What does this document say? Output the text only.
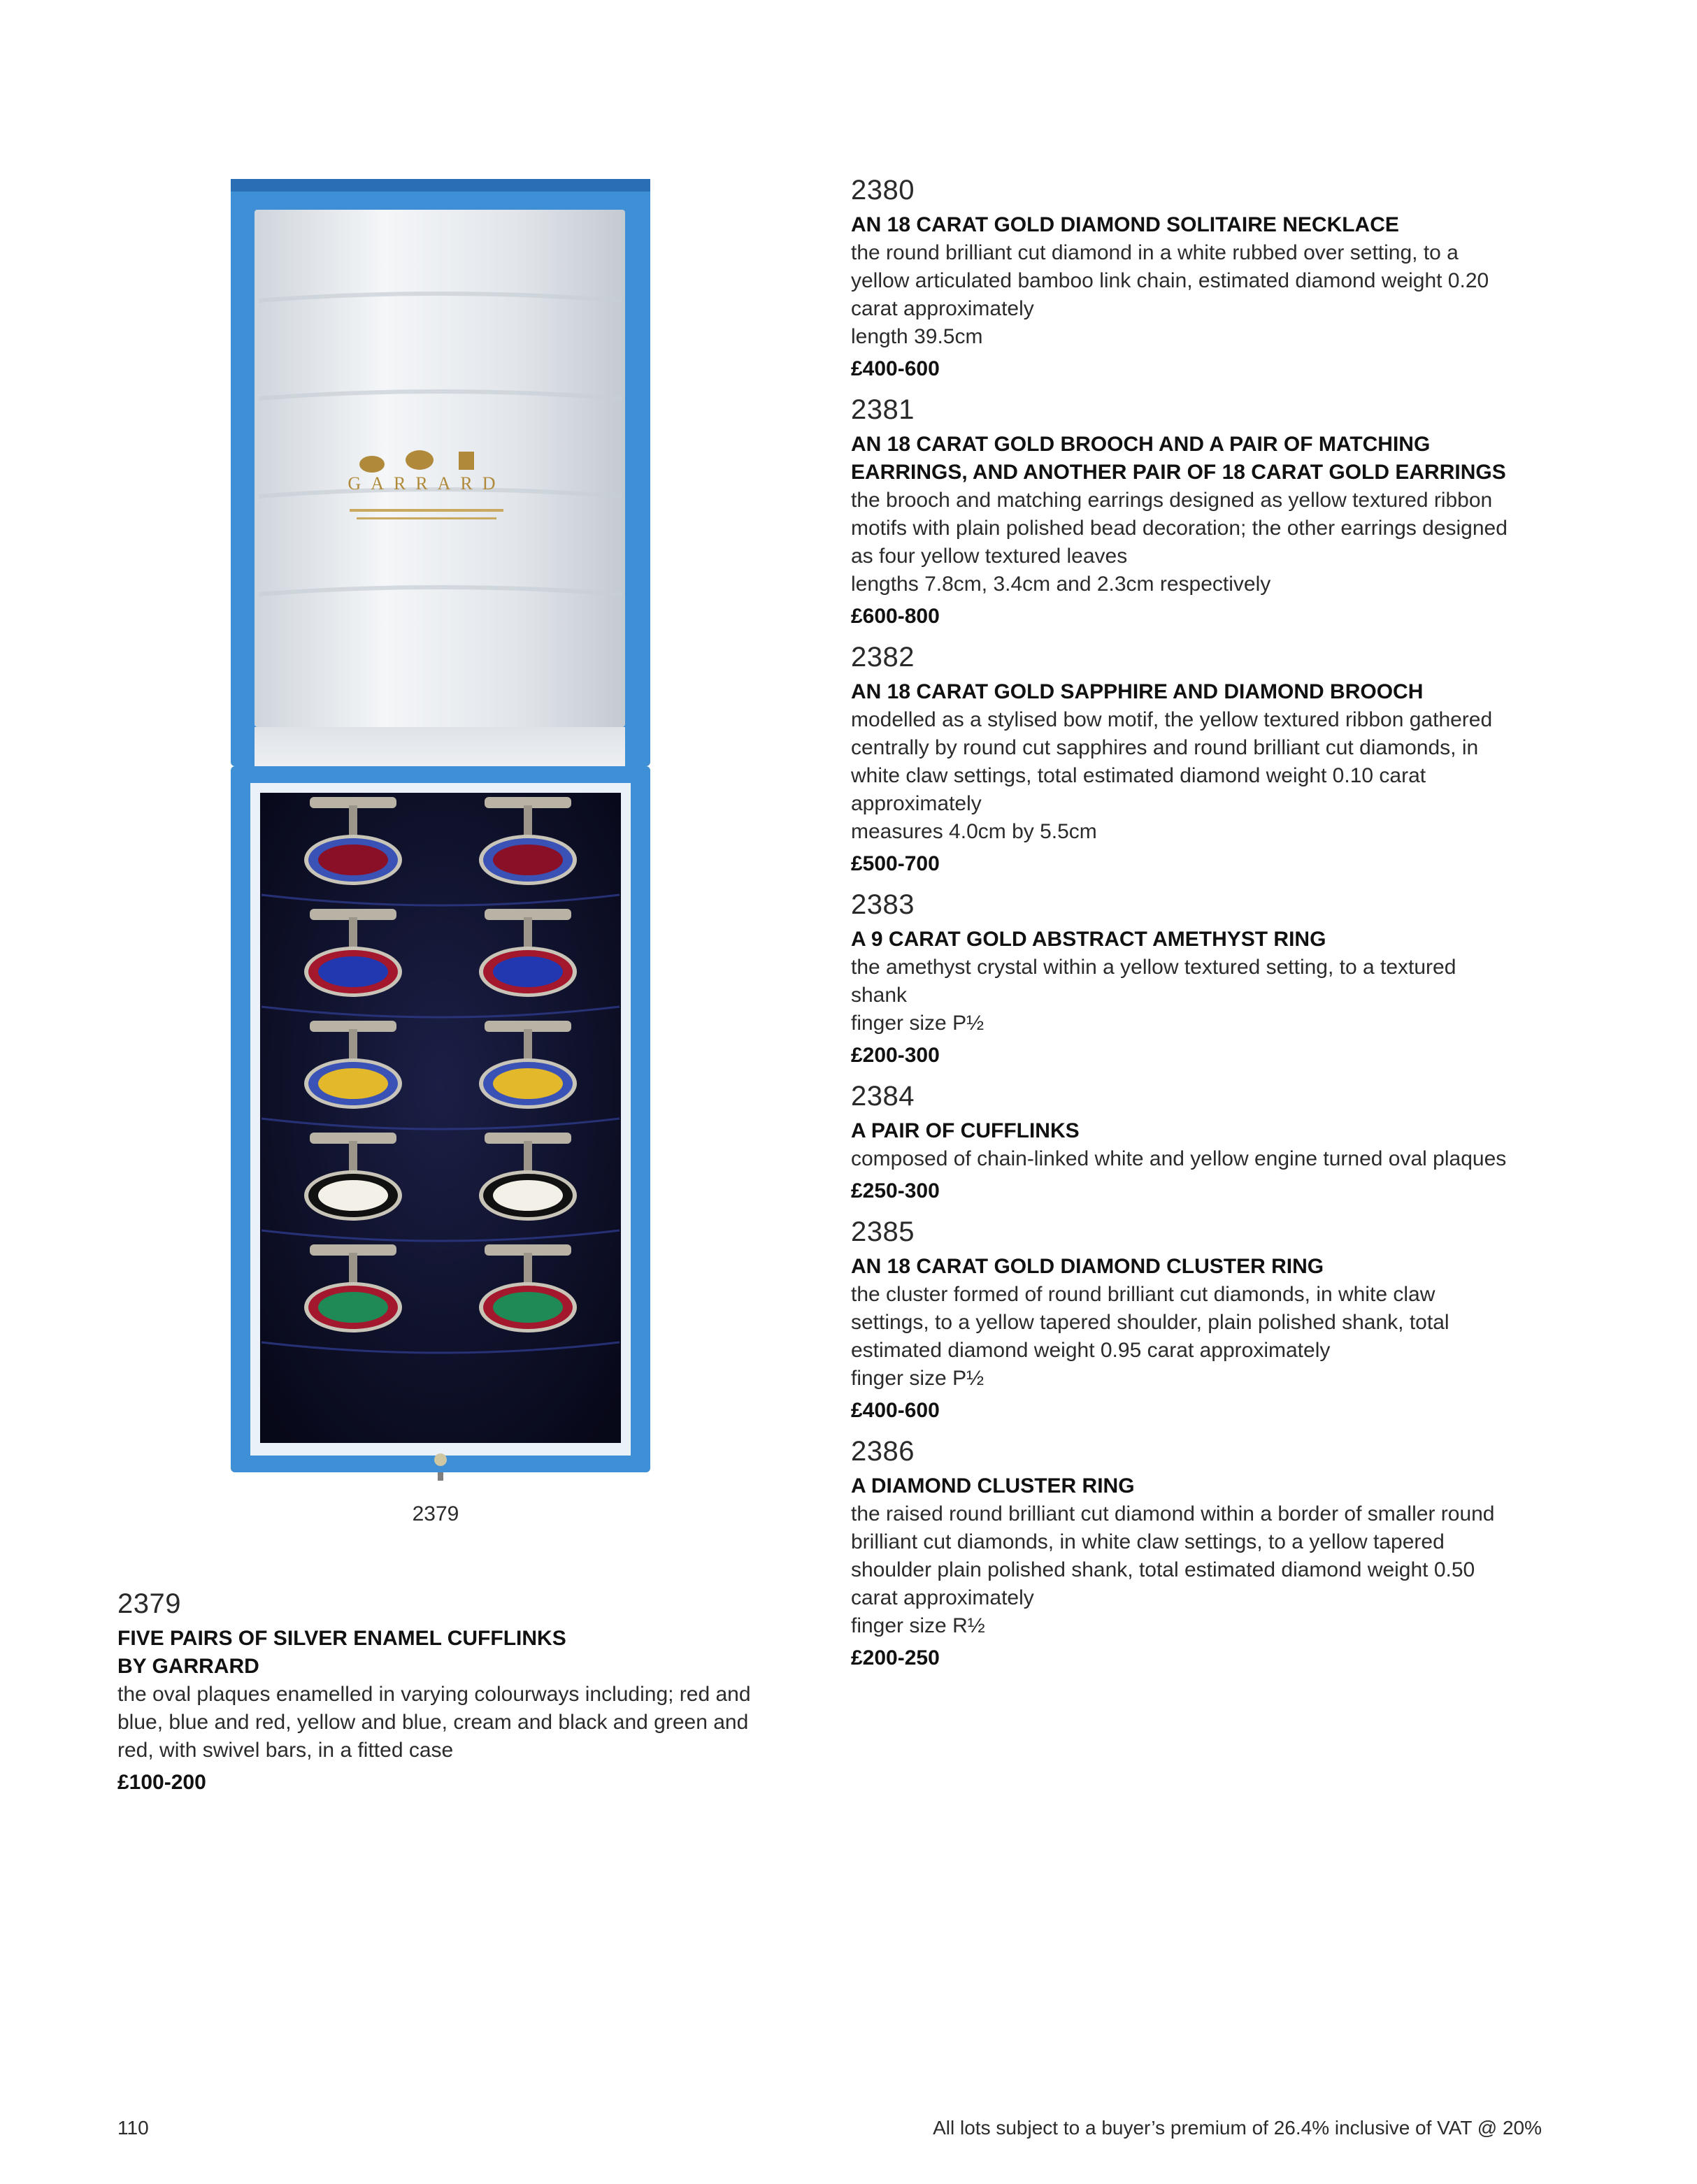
GARRARD
2379
2379
FIVE PAIRS OF SILVER ENAMEL CUFFLINKS
BY GARRARD
the oval plaques enamelled in varying colourways including; red and
blue, blue and red, yellow and blue, cream and black and green and
red, with swivel bars, in a fitted case
£100-200
2380
AN 18 CARAT GOLD DIAMOND SOLITAIRE NECKLACE
the round brilliant cut diamond in a white rubbed over setting, to a
yellow articulated bamboo link chain, estimated diamond weight 0.20
carat approximately
length 39.5cm
£400-600
2381
AN 18 CARAT GOLD BROOCH AND A PAIR OF MATCHING
EARRINGS, AND ANOTHER PAIR OF 18 CARAT GOLD EARRINGS
the brooch and matching earrings designed as yellow textured ribbon
motifs with plain polished bead decoration; the other earrings designed
as four yellow textured leaves
lengths 7.8cm, 3.4cm and 2.3cm respectively
£600-800
2382
AN 18 CARAT GOLD SAPPHIRE AND DIAMOND BROOCH
modelled as a stylised bow motif, the yellow textured ribbon gathered
centrally by round cut sapphires and round brilliant cut diamonds, in
white claw settings, total estimated diamond weight 0.10 carat
approximately
measures 4.0cm by 5.5cm
£500-700
2383
A 9 CARAT GOLD ABSTRACT AMETHYST RING
the amethyst crystal within a yellow textured setting, to a textured
shank
finger size P½
£200-300
2384
A PAIR OF CUFFLINKS
composed of chain-linked white and yellow engine turned oval plaques
£250-300
2385
AN 18 CARAT GOLD DIAMOND CLUSTER RING
the cluster formed of round brilliant cut diamonds, in white claw
settings, to a yellow tapered shoulder, plain polished shank, total
estimated diamond weight 0.95 carat approximately
finger size P½
£400-600
2386
A DIAMOND CLUSTER RING
the raised round brilliant cut diamond within a border of smaller round
brilliant cut diamonds, in white claw settings, to a yellow tapered
shoulder plain polished shank, total estimated diamond weight 0.50
carat approximately
finger size R½
£200-250
110	All lots subject to a buyer’s premium of 26.4% inclusive of VAT @ 20%
